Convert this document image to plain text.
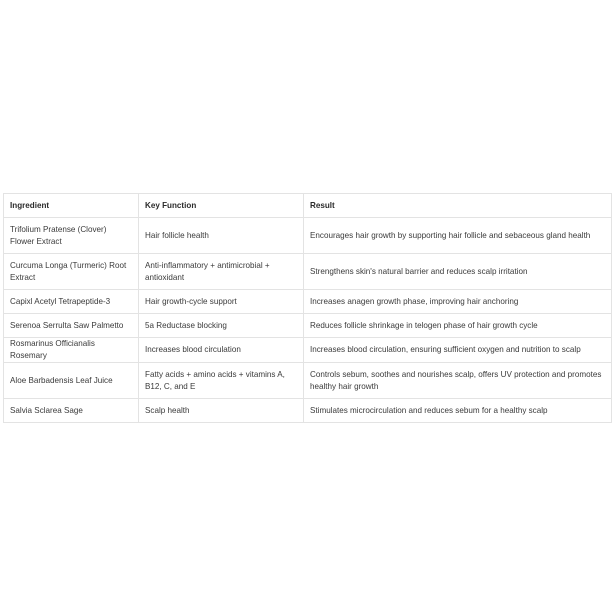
Ingredient	Key Function	Result
Trifolium Pratense (Clover) Flower Extract	Hair follicle health	Encourages hair growth by supporting hair follicle and sebaceous gland health
Curcuma Longa (Turmeric) Root Extract	Anti-inflammatory + antimicrobial + antioxidant	Strengthens skin's natural barrier and reduces scalp irritation
Capixl Acetyl Tetrapeptide-3	Hair growth-cycle support	Increases anagen growth phase, improving hair anchoring
Serenoa Serrulta Saw Palmetto	5a Reductase blocking	Reduces follicle shrinkage in telogen phase of hair growth cycle
Rosmarinus Officianalis Rosemary	Increases blood circulation	Increases blood circulation, ensuring sufficient oxygen and nutrition to scalp
Aloe Barbadensis Leaf Juice	Fatty acids + amino acids + vitamins A, B12, C, and E	Controls sebum, soothes and nourishes scalp, offers UV protection and promotes healthy hair growth
Salvia Sclarea Sage	Scalp health	Stimulates microcirculation and reduces sebum for a healthy scalp
